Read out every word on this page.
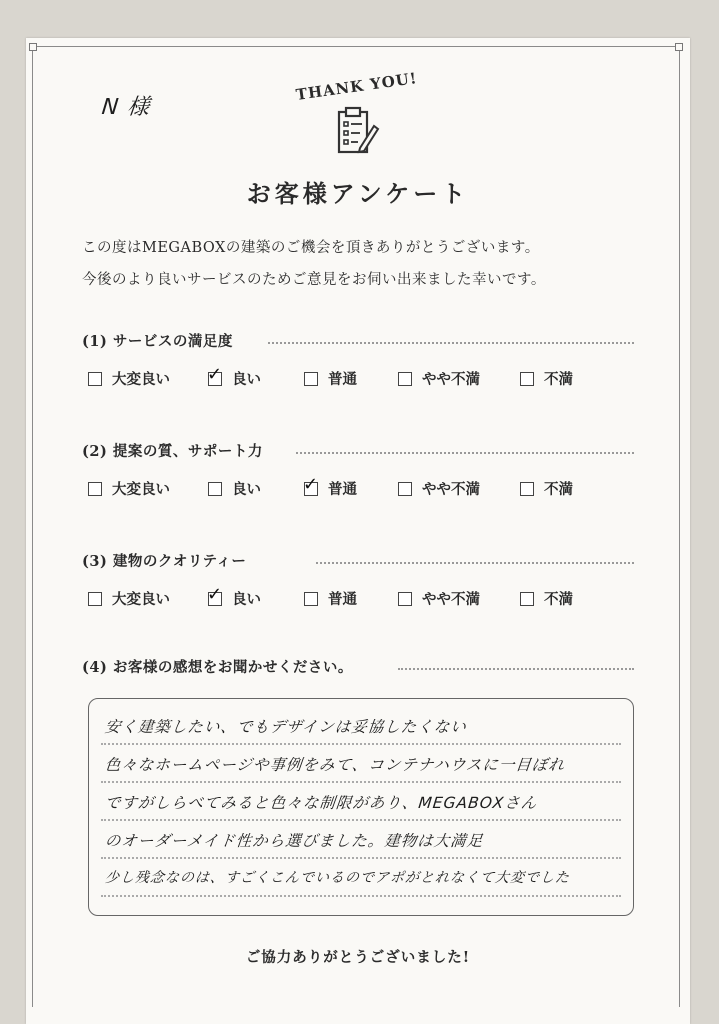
N 様
THANK YOU!
お客様アンケート
この度はMEGABOXの建築のご機会を頂きありがとうございます。
今後のより良いサービスのためご意見をお伺い出来ました幸いです。
(1) サービスの満足度
大変良い ✓ 良い	普通	やや不満	不満
(2) 提案の質、サポート力
大変良い	良い ✓ 普通	やや不満	不満
(3) 建物のクオリティー
大変良い ✓ 良い	普通	やや不満	不満
(4) お客様の感想をお聞かせください。
安く建築したい、でもデザインは妥協したくない
色々なホームページや事例をみて、コンテナハウスに一目ぼれ
ですがしらべてみると色々な制限があり、MEGABOXさん
のオーダーメイド性から選びました。建物は大満足
少し残念なのは、すごくこんでいるのでアポがとれなくて大変でした
ご協力ありがとうございました!
